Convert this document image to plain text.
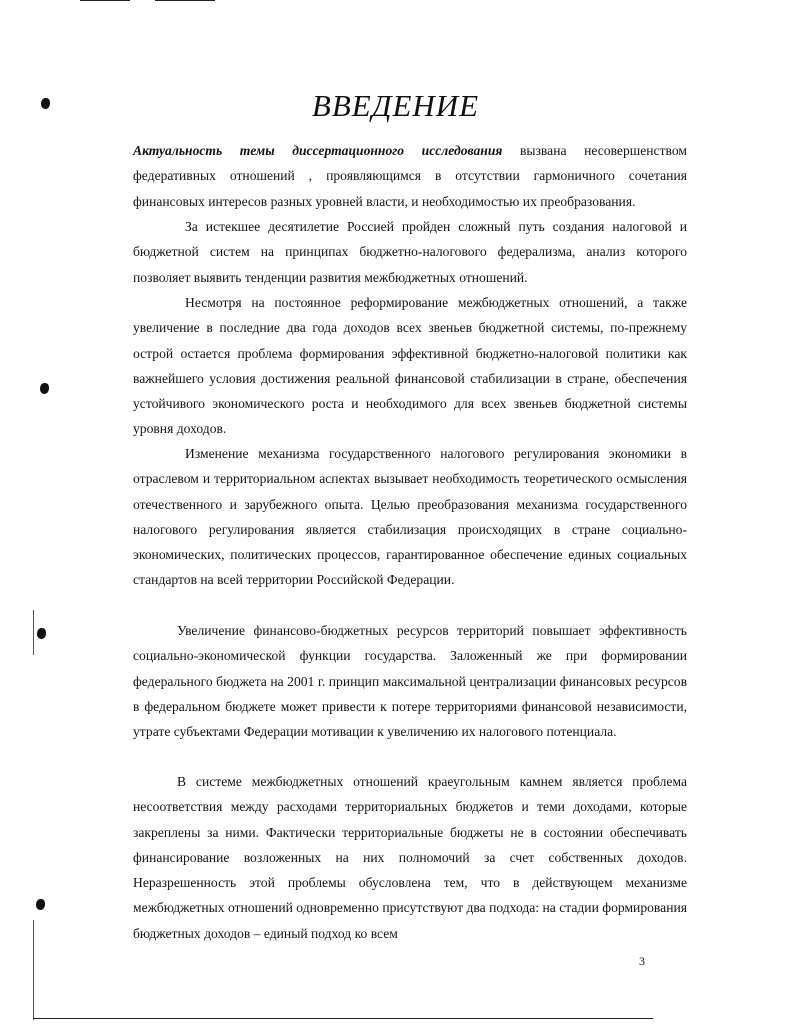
ВВЕДЕНИЕ

Актуальность темы диссертационного исследования вызвана несовершенством федеративных отношений , проявляющимся в отсутствии гармоничного сочетания финансовых интересов разных уровней власти, и необходимостью их преобразования.

За истекшее десятилетие Россией пройден сложный путь создания налоговой и бюджетной систем на принципах бюджетно-налогового федерализма, анализ которого позволяет выявить тенденции развития межбюджетных отношений.

Несмотря на постоянное реформирование межбюджетных отношений, а также увеличение в последние два года доходов всех звеньев бюджетной системы, по-прежнему острой остается проблема формирования эффективной бюджетно-налоговой политики как важнейшего условия достижения реальной финансовой стабилизации в стране, обеспечения устойчивого экономического роста и необходимого для всех звеньев бюджетной системы уровня доходов.

Изменение механизма государственного налогового регулирования экономики в отраслевом и территориальном аспектах вызывает необходимость теоретического осмысления отечественного и зарубежного опыта. Целью преобразования механизма государственного налогового регулирования является стабилизация происходящих в стране социально-экономических, политических процессов, гарантированное обеспечение единых социальных стандартов на всей территории Российской Федерации.

Увеличение финансово-бюджетных ресурсов территорий повышает эффективность социально-экономической функции государства. Заложенный же при формировании федерального бюджета на 2001 г. принцип максимальной централизации финансовых ресурсов в федеральном бюджете может привести к потере территориями финансовой независимости, утрате субъектами Федерации мотивации к увеличению их налогового потенциала.

В системе межбюджетных отношений краеугольным камнем является проблема несоответствия между расходами территориальных бюджетов и теми доходами, которые закреплены за ними. Фактически территориальные бюджеты не в состоянии обеспечивать финансирование возложенных на них полномочий за счет собственных доходов. Неразрешенность этой проблемы обусловлена тем, что в действующем механизме межбюджетных отношений одновременно присутствуют два подхода: на стадии формирования бюджетных доходов – единый подход ко всем

3
